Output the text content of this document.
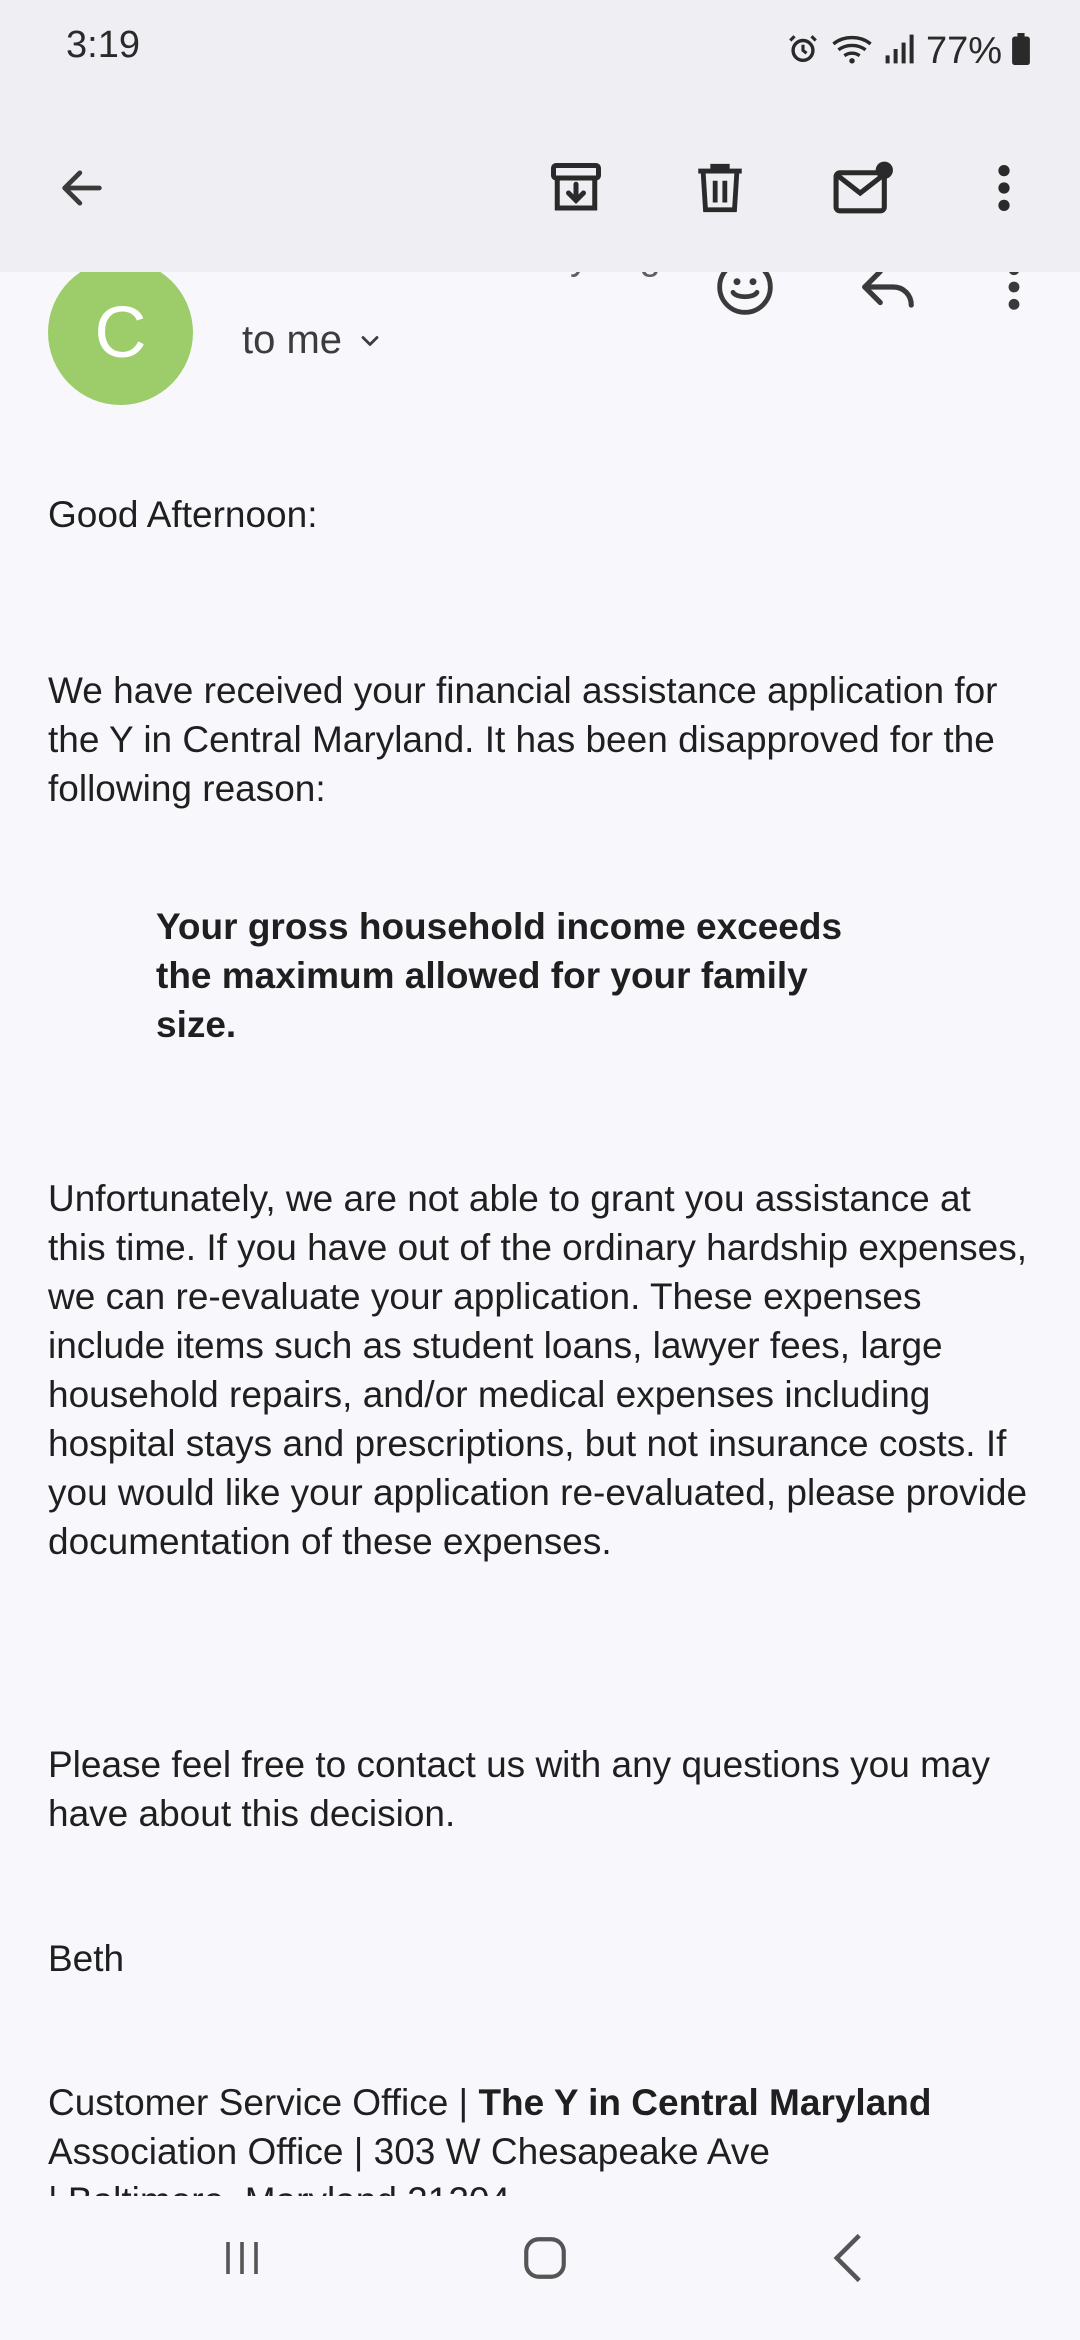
3:19	77%
C	to me
Good Afternoon:
We have received your financial assistance application for the Y in Central Maryland. It has been disapproved for the following reason:
Your gross household income exceeds the maximum allowed for your family size.
Unfortunately, we are not able to grant you assistance at this time. If you have out of the ordinary hardship expenses, we can re-evaluate your application. These expenses include items such as student loans, lawyer fees, large household repairs, and/or medical expenses including hospital stays and prescriptions, but not insurance costs. If you would like your application re-evaluated, please provide documentation of these expenses.
Please feel free to contact us with any questions you may have about this decision.
Beth
Customer Service Office | The Y in Central Maryland
Association Office | 303 W Chesapeake Ave
